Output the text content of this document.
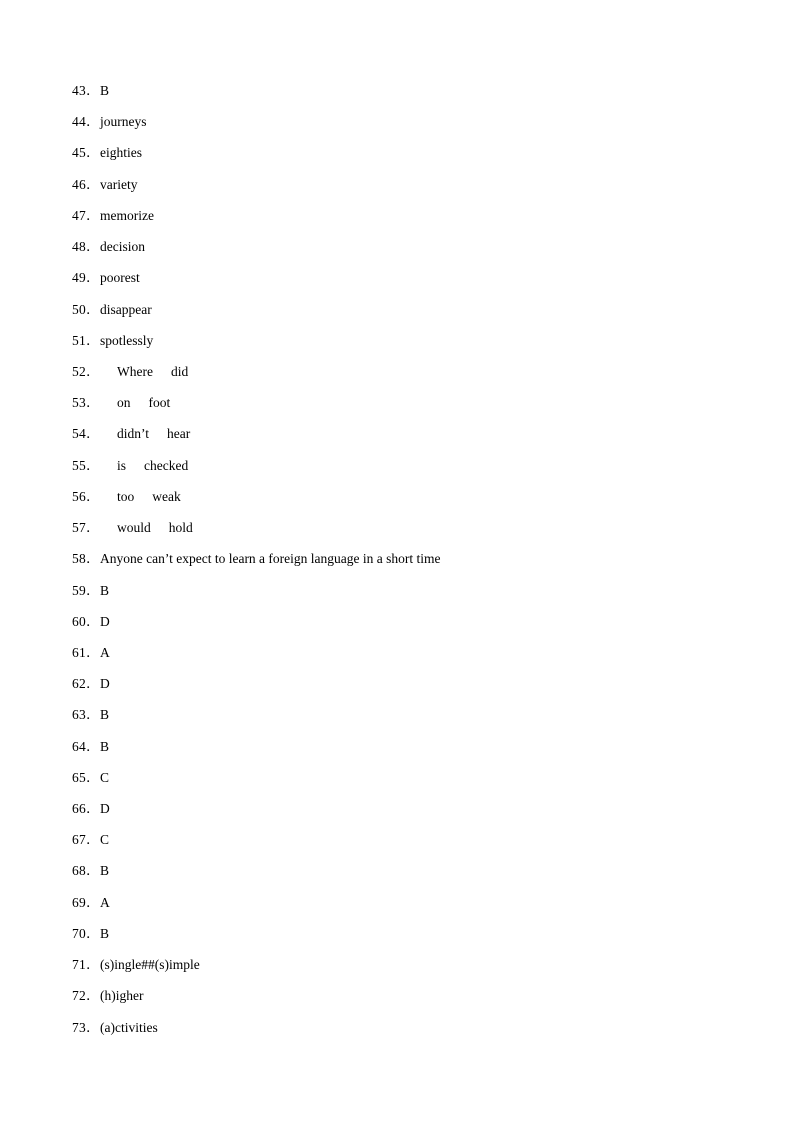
43． B
44． journeys
45． eighties
46． variety
47． memorize
48． decision
49． poorest
50． disappear
51． spotlessly
52． Where did
53． on foot
54． didn’t hear
55． is checked
56． too weak
57． would hold
58． Anyone can’t expect to learn a foreign language in a short time
59． B
60． D
61． A
62． D
63． B
64． B
65． C
66． D
67． C
68． B
69． A
70． B
71． (s)ingle##(s)imple
72． (h)igher
73． (a)ctivities
